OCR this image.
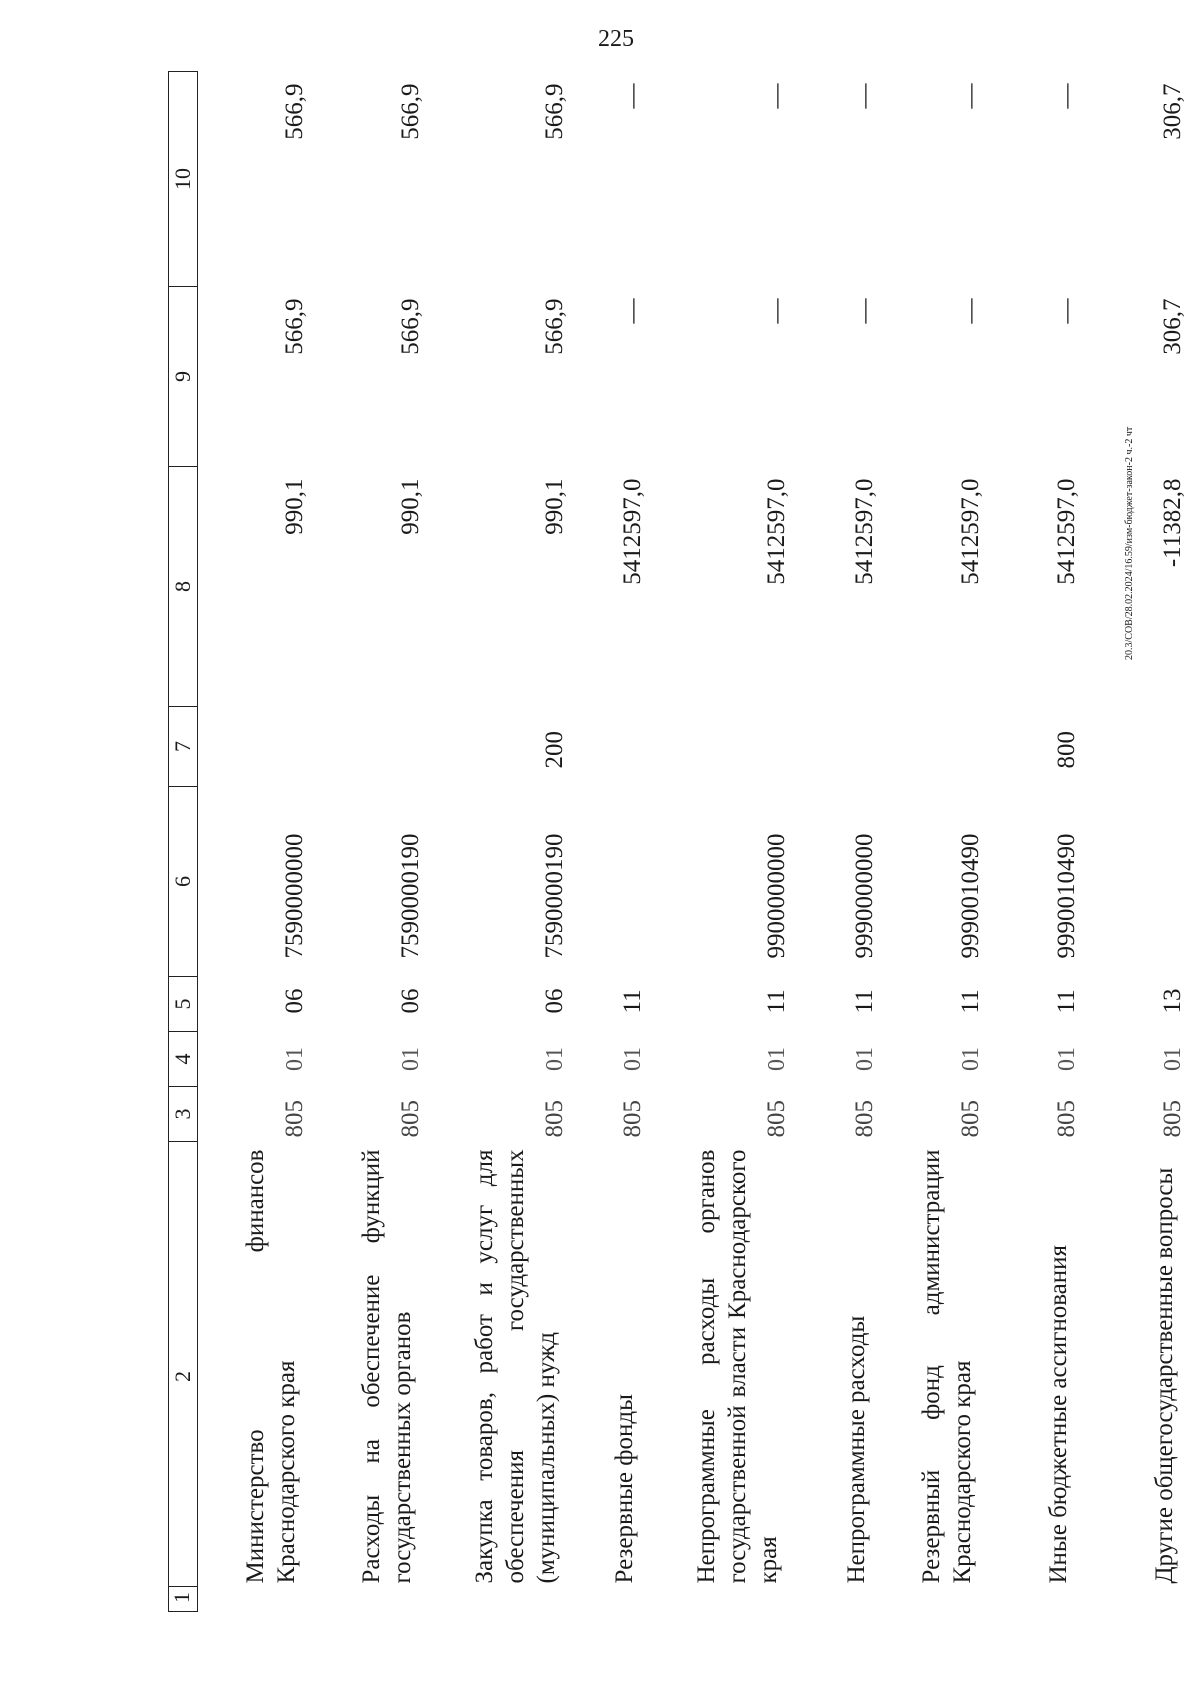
225
20.3/СОВ/28.02.2024/16.59/изм-бюджет-закон-2 ч.-2 чт
1
2	3	4	5	6	7	8	9	10
Министерство финансов Краснодарского края	805	01	06	7590000000		990,1	566,9	566,9
Расходы на обеспечение функций государственных органов	805	01	06	7590000190		990,1	566,9	566,9
Закупка товаров, работ и услуг для обеспечения государственных (муниципальных) нужд	805	01	06	7590000190	200	990,1	566,9	566,9
Резервные фонды	805	01	11			5412597,0	—	—
Непрограммные расходы органов государственной власти Краснодарского края	805	01	11	9900000000		5412597,0	—	—
Непрограммные расходы	805	01	11	9990000000		5412597,0	—	—
Резервный фонд администрации Краснодарского края	805	01	11	9990010490		5412597,0	—	—
Иные бюджетные ассигнования	805	01	11	9990010490	800	5412597,0	—	—
Другие общегосударственные вопросы	805	01	13			-11382,8	306,7	306,7
